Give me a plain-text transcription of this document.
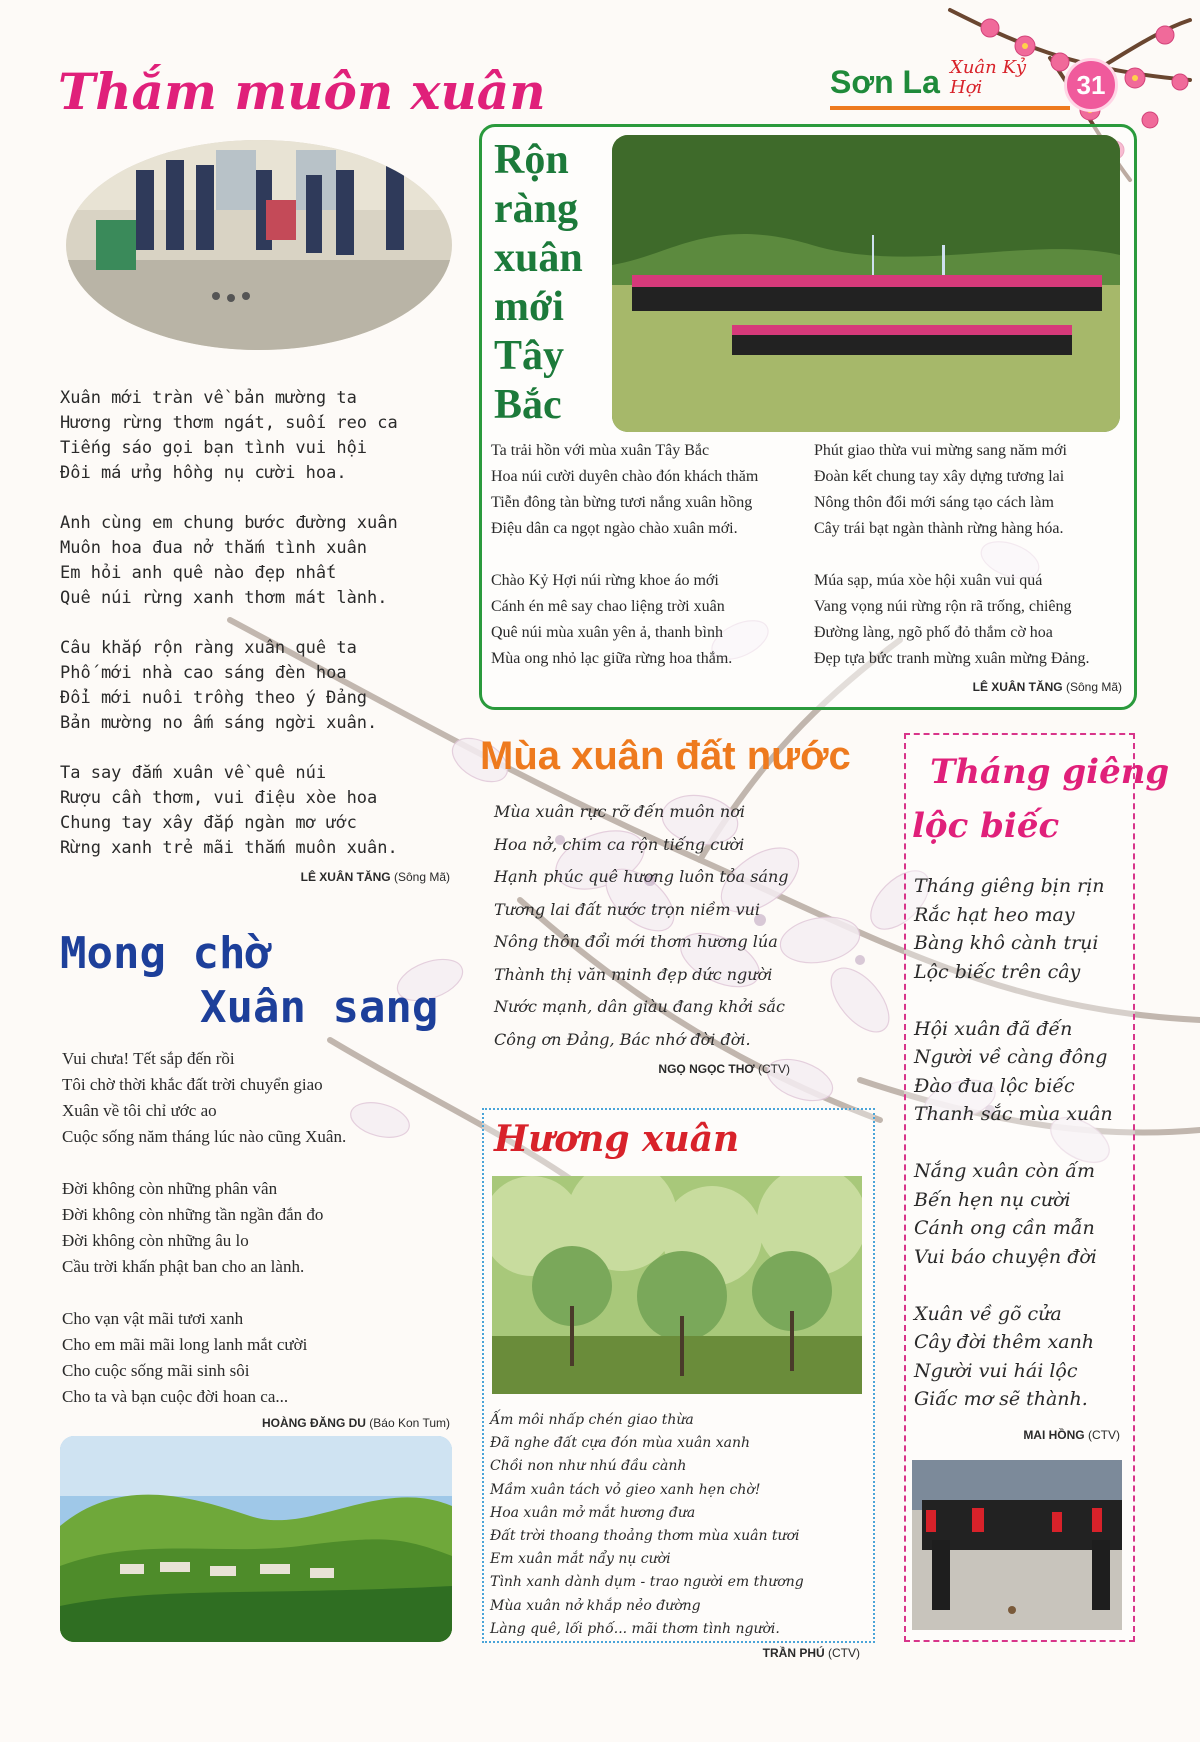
Sơn La Xuân Kỷ Hợi	31
Thắm muôn xuân
Xuân mới tràn về bản mường ta
Hương rừng thơm ngát, suối reo ca
Tiếng sáo gọi bạn tình vui hội
Đôi má ửng hồng nụ cười hoa.

Anh cùng em chung bước đường xuân
Muôn hoa đua nở thắm tình xuân
Em hỏi anh quê nào đẹp nhất
Quê núi rừng xanh thơm mát lành.

Câu khắp rộn ràng xuân quê ta
Phố mới nhà cao sáng đèn hoa
Đổi mới nuôi trồng theo ý Đảng
Bản mường no ấm sáng ngời xuân.

Ta say đắm xuân về quê núi
Rượu cần thơm, vui điệu xòe hoa
Chung tay xây đắp ngàn mơ ước
Rừng xanh trẻ mãi thắm muôn xuân.
LÊ XUÂN TĂNG (Sông Mã)
Mong chờ
Xuân sang
Vui chưa! Tết sắp đến rồi
Tôi chờ thời khắc đất trời chuyển giao
Xuân về tôi chỉ ước ao
Cuộc sống năm tháng lúc nào cũng Xuân.

Đời không còn những phân vân
Đời không còn những tần ngần đắn đo
Đời không còn những âu lo
Cầu trời khấn phật ban cho an lành.

Cho vạn vật mãi tươi xanh
Cho em mãi mãi long lanh mắt cười
Cho cuộc sống mãi sinh sôi
Cho ta và bạn cuộc đời hoan ca...
HOÀNG ĐĂNG DU (Báo Kon Tum)
Rộn
ràng
xuân
mới
Tây
Bắc
Ta trải hồn với mùa xuân Tây Bắc
Hoa núi cười duyên chào đón khách thăm
Tiễn đông tàn bừng tươi nắng xuân hồng
Điệu dân ca ngọt ngào chào xuân mới.

Chào Kỷ Hợi núi rừng khoe áo mới
Cánh én mê say chao liệng trời xuân
Quê núi mùa xuân yên ả, thanh bình
Mùa ong nhỏ lạc giữa rừng hoa thắm.
Phút giao thừa vui mừng sang năm mới
Đoàn kết chung tay xây dựng tương lai
Nông thôn đổi mới sáng tạo cách làm
Cây trái bạt ngàn thành rừng hàng hóa.

Múa sạp, múa xòe hội xuân vui quá
Vang vọng núi rừng rộn rã trống, chiêng
Đường làng, ngõ phố đỏ thắm cờ hoa
Đẹp tựa bức tranh mừng xuân mừng Đảng.
LÊ XUÂN TĂNG (Sông Mã)
Mùa xuân đất nước
Mùa xuân rực rỡ đến muôn nơi
Hoa nở, chim ca rộn tiếng cười
Hạnh phúc quê hương luôn tỏa sáng
Tương lai đất nước trọn niềm vui
Nông thôn đổi mới thơm hương lúa
Thành thị văn minh đẹp dức người
Nước mạnh, dân giàu đang khởi sắc
Công ơn Đảng, Bác nhớ đời đời.
NGỌ NGỌC THƠ (CTV)
Tháng giêng
lộc biếc
Tháng giêng bịn rịn
Rắc hạt heo may
Bàng khô cành trụi
Lộc biếc trên cây

Hội xuân đã đến
Người về càng đông
Đào đua lộc biếc
Thanh sắc mùa xuân

Nắng xuân còn ấm
Bến hẹn nụ cười
Cánh ong cần mẫn
Vui báo chuyện đời

Xuân về gõ cửa
Cây đời thêm xanh
Người vui hái lộc
Giấc mơ sẽ thành.
MAI HỒNG (CTV)
Hương xuân
Ấm môi nhấp chén giao thừa
Đã nghe đất cựa đón mùa xuân xanh
Chồi non như nhú đầu cành
Mầm xuân tách vỏ gieo xanh hẹn chờ!
Hoa xuân mở mắt hương đưa
Đất trời thoang thoảng thơm mùa xuân tươi
Em xuân mắt nẩy nụ cười
Tình xanh dành dụm - trao người em thương
Mùa xuân nở khắp nẻo đường
Làng quê, lối phố... mãi thơm tình người.
TRẦN PHÚ (CTV)
